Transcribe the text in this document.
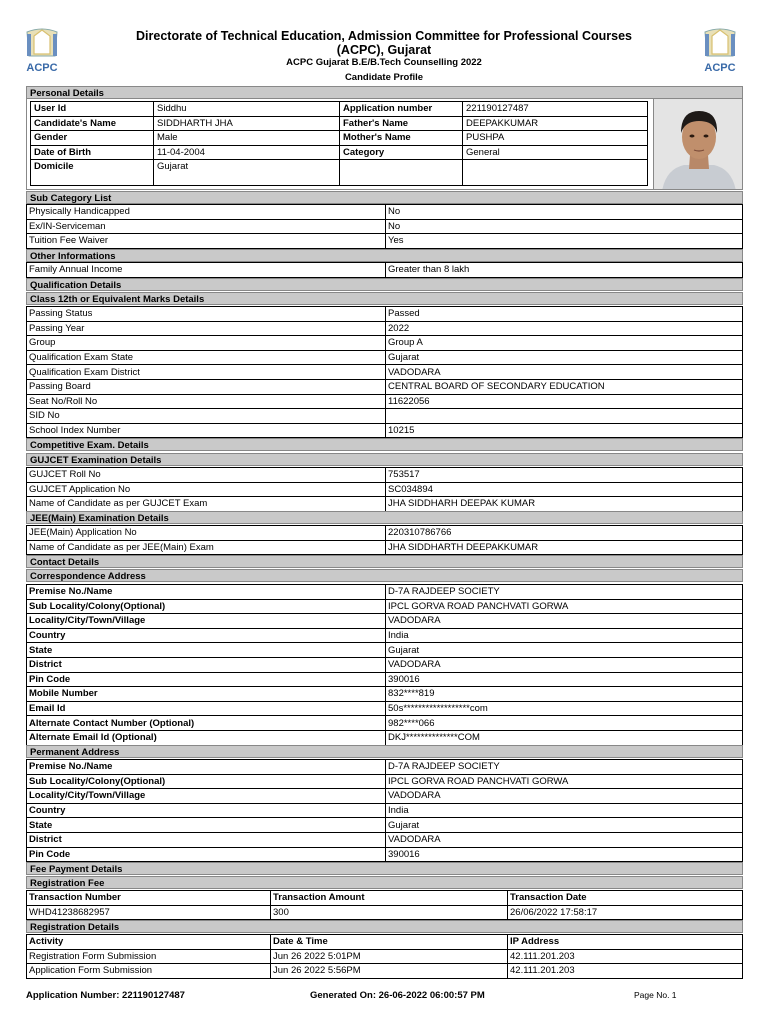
ACPC
Directorate of Technical Education, Admission Committee for Professional Courses (ACPC), Gujarat
ACPC Gujarat B.E/B.Tech Counselling 2022
Candidate Profile
ACPC
Personal Details
User Id	Siddhu	Application number	221190127487
Candidate's Name	SIDDHARTH JHA	Father's Name	DEEPAKKUMAR
Gender	Male	Mother's Name	PUSHPA
Date of Birth	11-04-2004	Category	General
Domicile	Gujarat		
Sub Category List
Physically Handicapped	No
Ex/IN-Serviceman	No
Tuition Fee Waiver	Yes
Other Informations
Family Annual Income	Greater than 8 lakh
Qualification Details
Class 12th or Equivalent Marks Details
Passing Status	Passed
Passing Year	2022
Group	Group A
Qualification Exam State	Gujarat
Qualification Exam District	VADODARA
Passing Board	CENTRAL BOARD OF SECONDARY EDUCATION
Seat No/Roll No	11622056
SID No	
School Index Number	10215
Competitive Exam. Details
GUJCET Examination Details
GUJCET Roll No	753517
GUJCET Application No	SC034894
Name of Candidate as per GUJCET Exam	JHA SIDDHARH DEEPAK KUMAR
JEE(Main) Examination Details
JEE(Main) Application No	220310786766
Name of Candidate as per JEE(Main) Exam	JHA SIDDHARTH DEEPAKKUMAR
Contact Details
Correspondence Address
Premise No./Name	D-7A RAJDEEP SOCIETY
Sub Locality/Colony(Optional)	IPCL GORVA ROAD PANCHVATI GORWA
Locality/City/Town/Village	VADODARA
Country	India
State	Gujarat
District	VADODARA
Pin Code	390016
Mobile Number	832****819
Email Id	50s******************com
Alternate Contact Number (Optional)	982****066
Alternate Email Id (Optional)	DKJ**************COM
Permanent Address
Premise No./Name	D-7A RAJDEEP SOCIETY
Sub Locality/Colony(Optional)	IPCL GORVA ROAD PANCHVATI GORWA
Locality/City/Town/Village	VADODARA
Country	India
State	Gujarat
District	VADODARA
Pin Code	390016
Fee Payment Details
Registration Fee
Transaction Number	Transaction Amount	Transaction Date
WHD41238682957	300	26/06/2022 17:58:17
Registration Details
Activity	Date & Time	IP Address
Registration Form Submission	Jun 26 2022 5:01PM	42.111.201.203
Application Form Submission	Jun 26 2022 5:56PM	42.111.201.203
Application Number: 221190127487	Generated On: 26-06-2022 06:00:57 PM	Page No. 1
